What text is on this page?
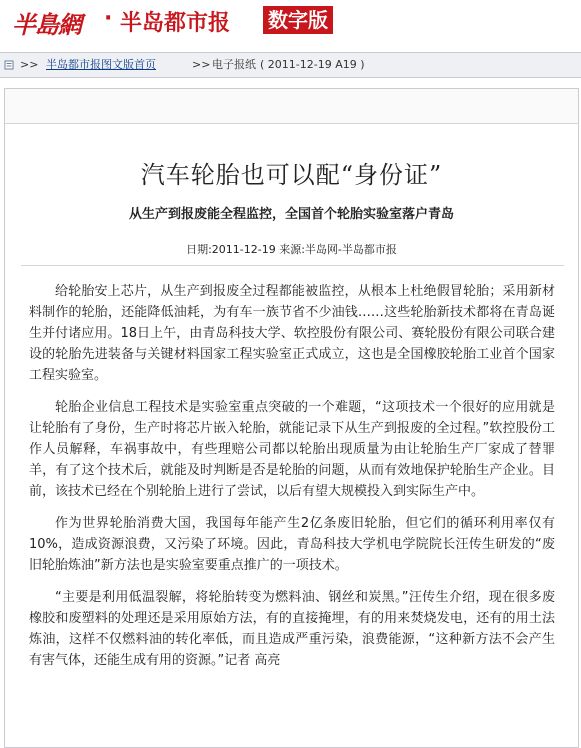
半島網 · 半岛都市报 数字版
>> 半岛都市报图文版首页	>> 电子报纸 ( 2011-12-19 A19 )
汽车轮胎也可以配“身份证”
从生产到报废能全程监控，全国首个轮胎实验室落户青岛
日期:2011-12-19 来源:半岛网-半岛都市报

给轮胎安上芯片，从生产到报废全过程都能被监控，从根本上杜绝假冒轮胎；采用新材料制作的轮胎，还能降低油耗，为有车一族节省不少油钱……这些轮胎新技术都将在青岛诞生并付诸应用。18日上午，由青岛科技大学、软控股份有限公司、赛轮股份有限公司联合建设的轮胎先进装备与关键材料国家工程实验室正式成立，这也是全国橡胶轮胎工业首个国家工程实验室。

轮胎企业信息工程技术是实验室重点突破的一个难题，“这项技术一个很好的应用就是让轮胎有了身份，生产时将芯片嵌入轮胎，就能记录下从生产到报废的全过程。”软控股份工作人员解释，车祸事故中，有些理赔公司都以轮胎出现质量为由让轮胎生产厂家成了替罪羊，有了这个技术后，就能及时判断是否是轮胎的问题，从而有效地保护轮胎生产企业。目前，该技术已经在个别轮胎上进行了尝试，以后有望大规模投入到实际生产中。

作为世界轮胎消费大国，我国每年能产生2亿条废旧轮胎，但它们的循环利用率仅有10%，造成资源浪费，又污染了环境。因此，青岛科技大学机电学院院长汪传生研发的“废旧轮胎炼油”新方法也是实验室要重点推广的一项技术。

“主要是利用低温裂解，将轮胎转变为燃料油、钢丝和炭黑。”汪传生介绍，现在很多废橡胶和废塑料的处理还是采用原始方法，有的直接掩埋，有的用来焚烧发电，还有的用土法炼油，这样不仅燃料油的转化率低，而且造成严重污染，浪费能源，“这种新方法不会产生有害气体，还能生成有用的资源。”记者 高亮
